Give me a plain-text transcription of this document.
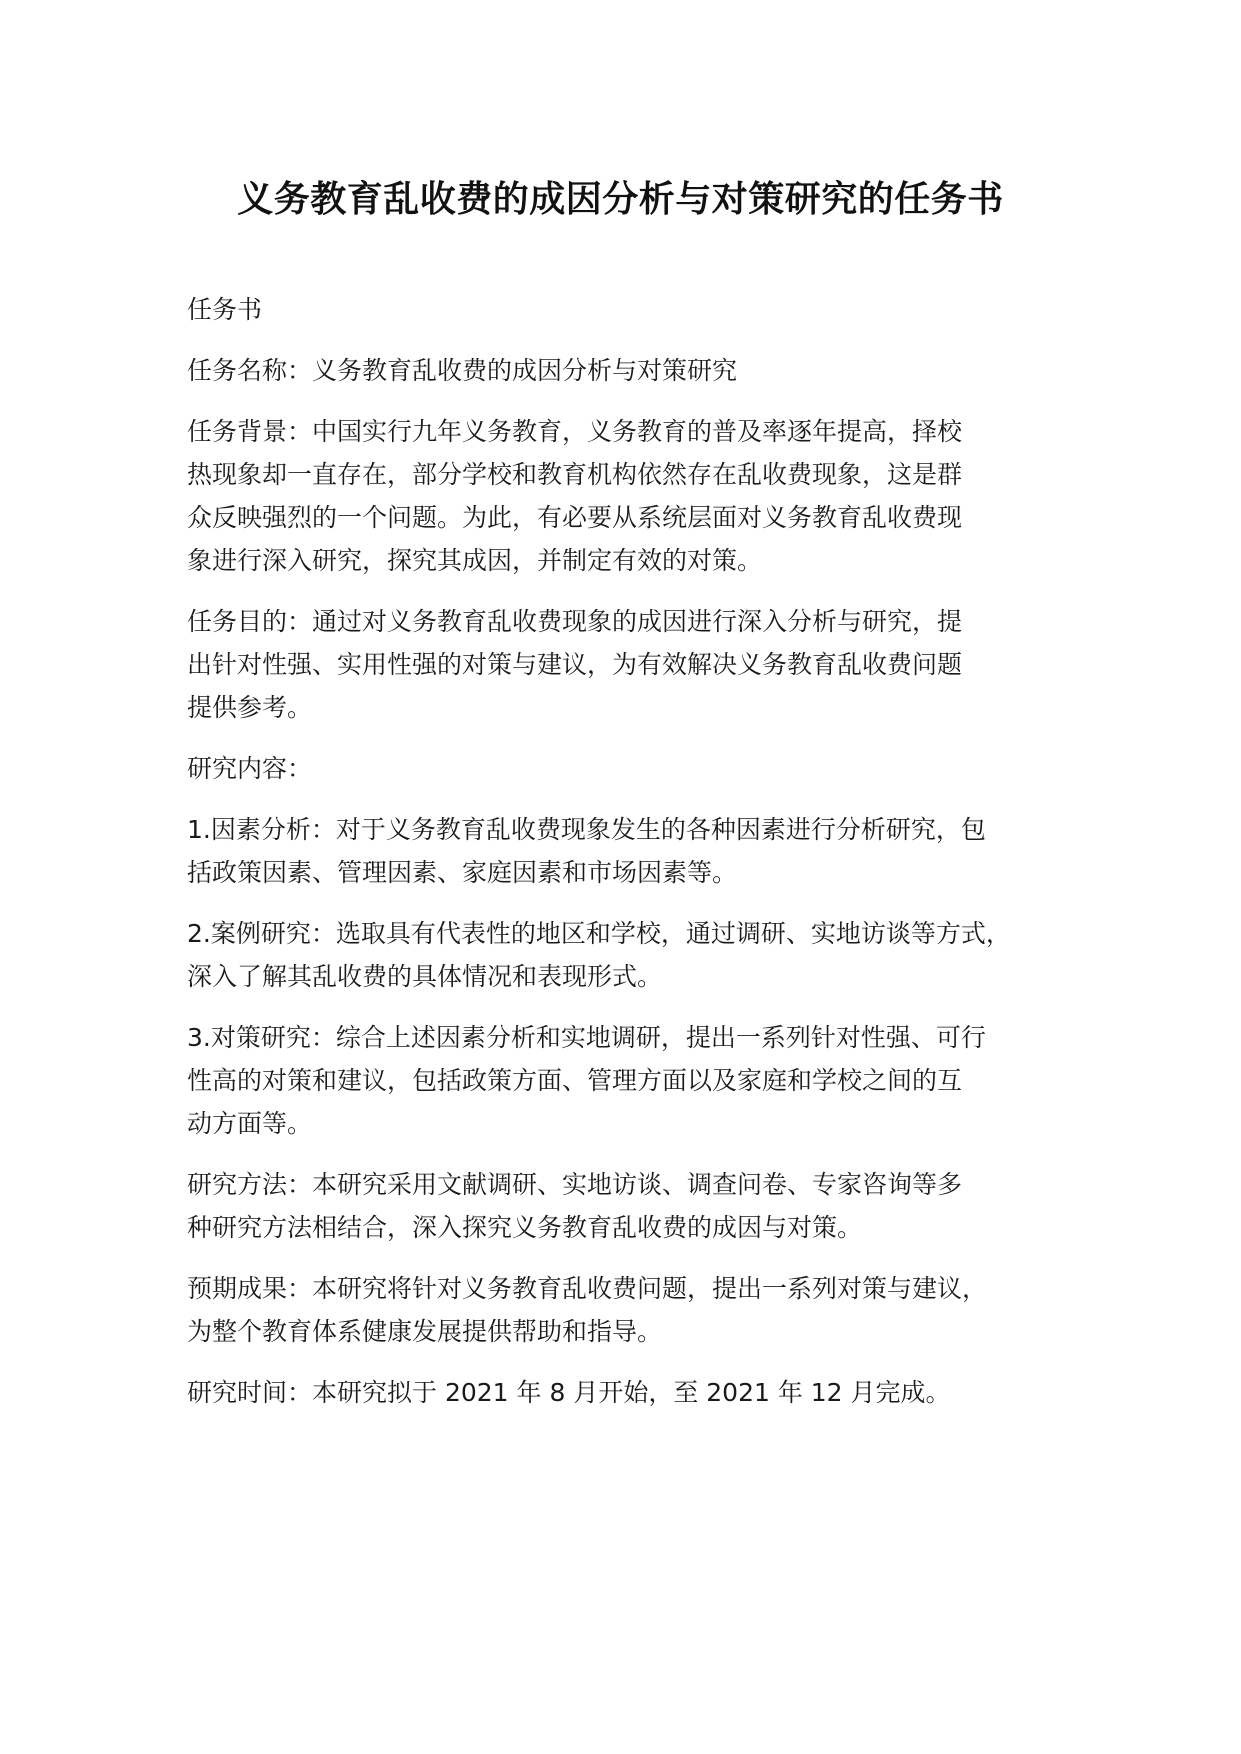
义务教育乱收费的成因分析与对策研究的任务书

任务书

任务名称：义务教育乱收费的成因分析与对策研究

任务背景：中国实行九年义务教育，义务教育的普及率逐年提高，择校
热现象却一直存在，部分学校和教育机构依然存在乱收费现象，这是群
众反映强烈的一个问题。为此，有必要从系统层面对义务教育乱收费现
象进行深入研究，探究其成因，并制定有效的对策。

任务目的：通过对义务教育乱收费现象的成因进行深入分析与研究，提
出针对性强、实用性强的对策与建议，为有效解决义务教育乱收费问题
提供参考。

研究内容：

1.因素分析：对于义务教育乱收费现象发生的各种因素进行分析研究，包
括政策因素、管理因素、家庭因素和市场因素等。

2.案例研究：选取具有代表性的地区和学校，通过调研、实地访谈等方式，
深入了解其乱收费的具体情况和表现形式。

3.对策研究：综合上述因素分析和实地调研，提出一系列针对性强、可行
性高的对策和建议，包括政策方面、管理方面以及家庭和学校之间的互
动方面等。

研究方法：本研究采用文献调研、实地访谈、调查问卷、专家咨询等多
种研究方法相结合，深入探究义务教育乱收费的成因与对策。

预期成果：本研究将针对义务教育乱收费问题，提出一系列对策与建议，
为整个教育体系健康发展提供帮助和指导。

研究时间：本研究拟于 2021 年 8 月开始，至 2021 年 12 月完成。
